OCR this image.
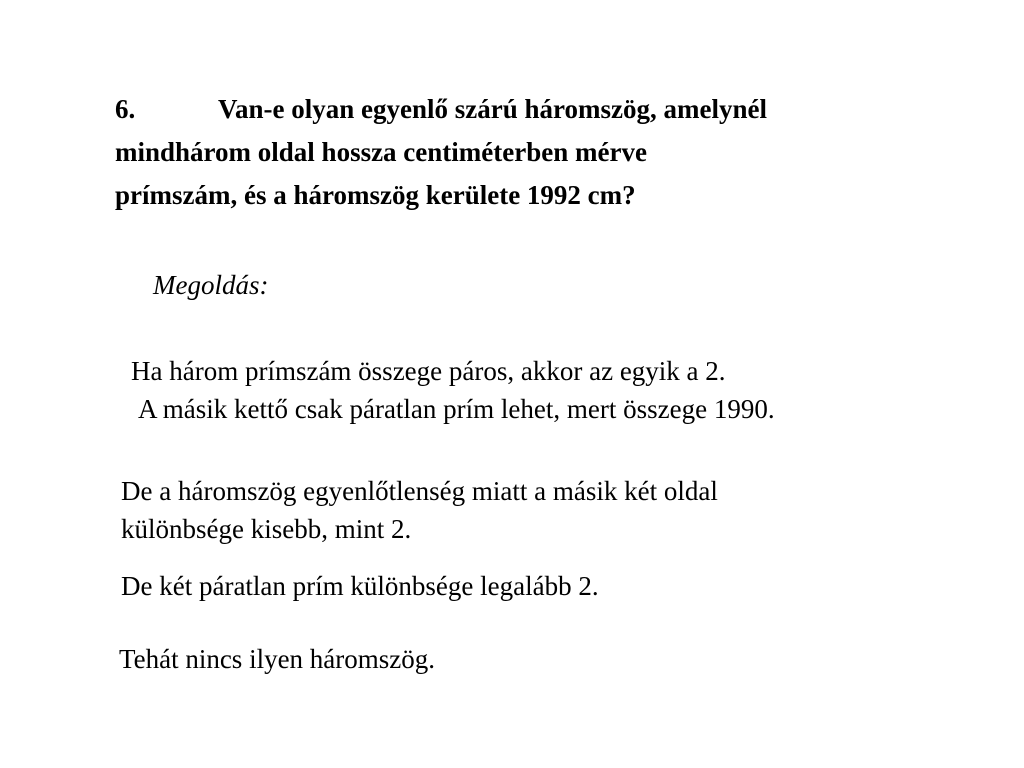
6.	Van-e olyan egyenlő szárú háromszög, amelynél
mindhárom oldal hossza centiméterben mérve
prímszám, és a háromszög kerülete 1992 cm?
Megoldás:
Ha három prímszám összege páros, akkor az egyik a 2.
A másik kettő csak páratlan prím lehet, mert összege 1990.
De a háromszög egyenlőtlenség miatt a másik két oldal
különbsége kisebb, mint 2.
De két páratlan prím különbsége legalább 2.
Tehát nincs ilyen háromszög.
